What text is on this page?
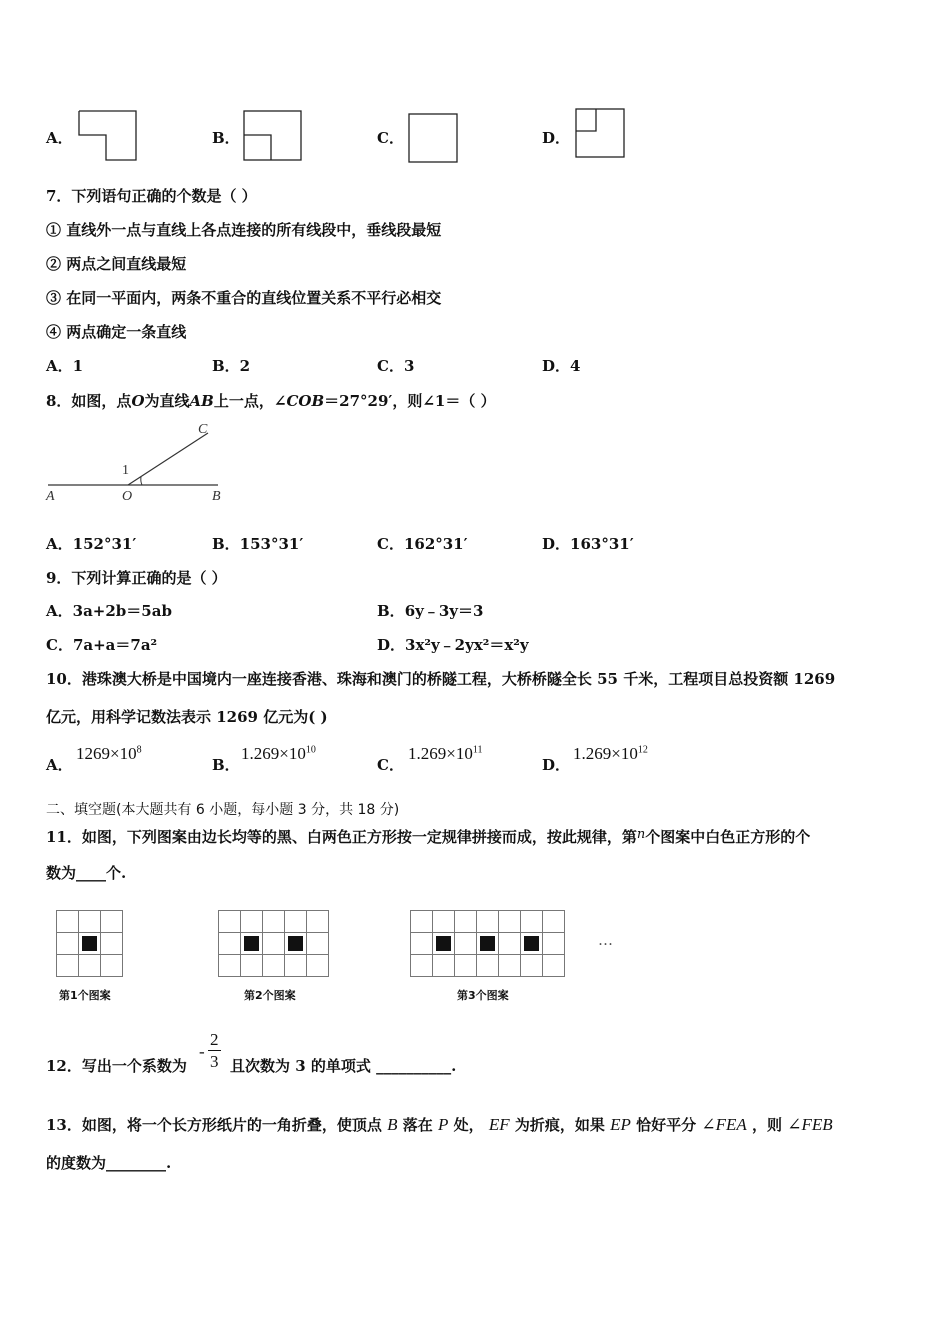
A．	B．	C．	D．
7．下列语句正确的个数是（ ）
① 直线外一点与直线上各点连接的所有线段中，垂线段最短
② 两点之间直线最短
③ 在同一平面内，两条不重合的直线位置关系不平行必相交
④ 两点确定一条直线
A．1	B．2	C．3	D．4
8．如图，点O为直线AB上一点，∠COB＝27°29′，则∠1＝（ ）
A	O	B
C
1
A．152°31′	B．153°31′	C．162°31′	D．163°31′
9．下列计算正确的是（ ）
A．3a+2b＝5ab	B．6y﹣3y＝3
C．7a+a＝7a²	D．3x²y﹣2yx²＝x²y
10．港珠澳大桥是中国境内一座连接香港、珠海和澳门的桥隧工程，大桥桥隧全长 55 千米，工程项目总投资额 1269
亿元，用科学记数法表示 1269 亿元为( )
A．
$1269\times 10^8$
B．
$1.269\times 10^{10}$
C．
$1.269\times 10^{11}$
D．
$1.269\times 10^{12}$
二、填空题(本大题共有 6 小题，每小题 3 分，共 18 分)
11．如图，下列图案由边长均等的黑、白两色正方形按一定规律拼接而成，按此规律，第n个图案中白色正方形的个
数为____个.
第1个图案	第2个图案	第3个图案
…
12．写出一个系数为
- $\frac{2}{3}$ 且次数为 3 的单项式 __________.
13．如图，将一个长方形纸片的一角折叠，使顶点 B 落在 P 处， EF 为折痕，如果 EP 恰好平分 ∠FEA ，则 ∠FEB
的度数为________.
